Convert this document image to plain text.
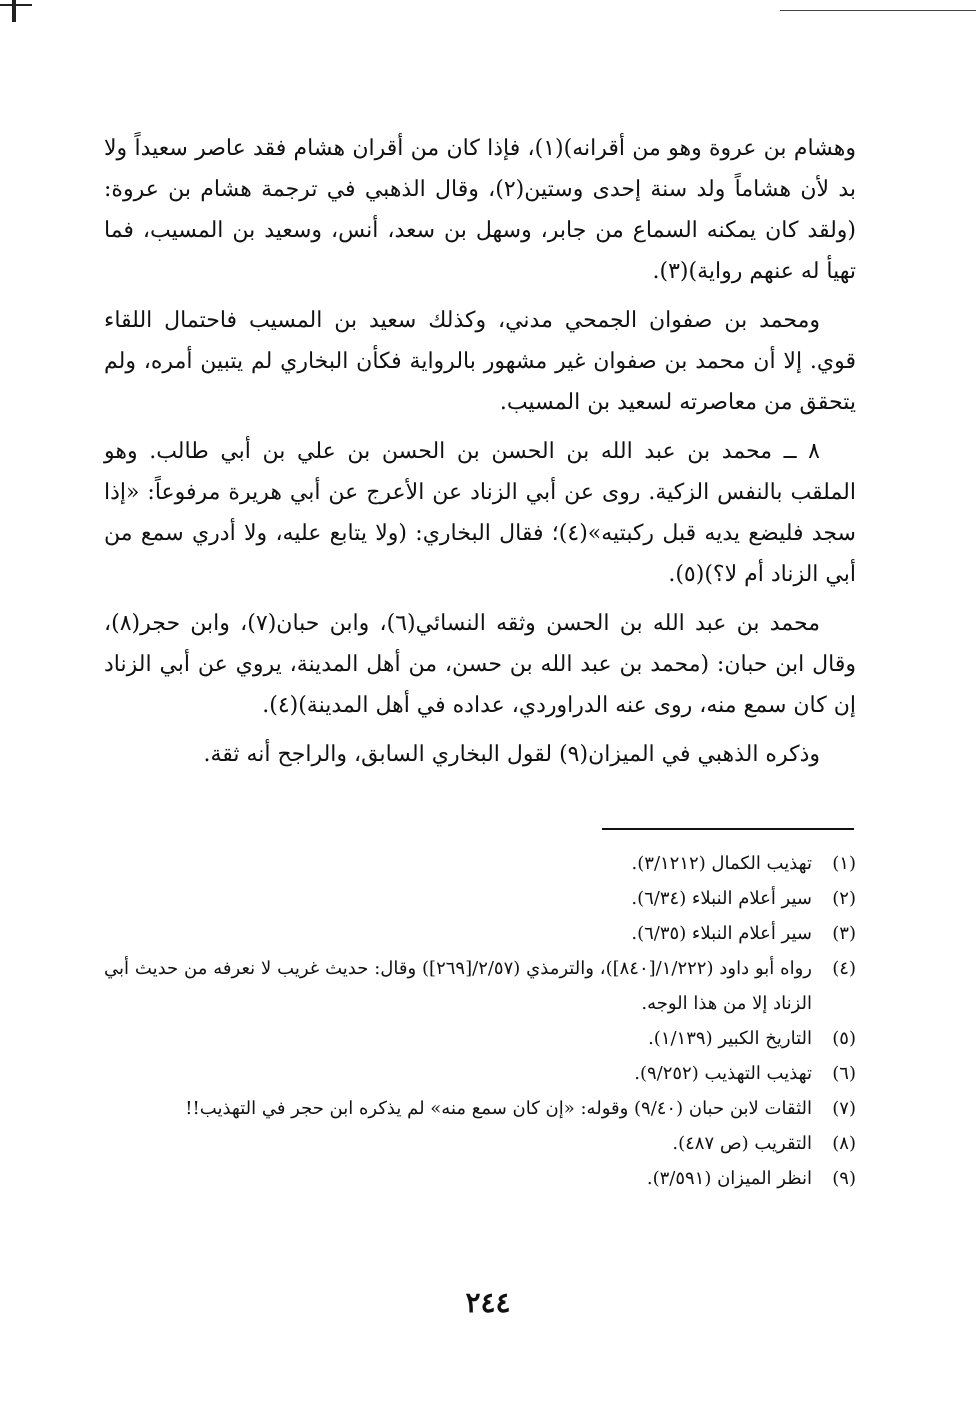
وهشام بن عروة وهو من أقرانه)(١)، فإذا كان من أقران هشام فقد عاصر سعيداً ولا بد لأن هشاماً ولد سنة إحدى وستين(٢)، وقال الذهبي في ترجمة هشام بن عروة: (ولقد كان يمكنه السماع من جابر، وسهل بن سعد، أنس، وسعيد بن المسيب، فما تهيأ له عنهم رواية)(٣).

ومحمد بن صفوان الجمحي مدني، وكذلك سعيد بن المسيب فاحتمال اللقاء قوي. إلا أن محمد بن صفوان غير مشهور بالرواية فكأن البخاري لم يتبين أمره، ولم يتحقق من معاصرته لسعيد بن المسيب.

٨ ــ محمد بن عبد الله بن الحسن بن الحسن بن علي بن أبي طالب. وهو الملقب بالنفس الزكية. روى عن أبي الزناد عن الأعرج عن أبي هريرة مرفوعاً: «إذا سجد فليضع يديه قبل ركبتيه»(٤)؛ فقال البخاري: (ولا يتابع عليه، ولا أدري سمع من أبي الزناد أم لا؟)(٥).

محمد بن عبد الله بن الحسن وثقه النسائي(٦)، وابن حبان(٧)، وابن حجر(٨)، وقال ابن حبان: (محمد بن عبد الله بن حسن، من أهل المدينة، يروي عن أبي الزناد إن كان سمع منه، روى عنه الدراوردي، عداده في أهل المدينة)(٤).

وذكره الذهبي في الميزان(٩) لقول البخاري السابق، والراجح أنه ثقة.

(١)
تهذيب الكمال (٣/١٢١٢).
(٢)
سير أعلام النبلاء (٦/٣٤).
(٣)
سير أعلام النبلاء (٦/٣٥).
(٤)
رواه أبو داود (١/٢٢٢/[٨٤٠])، والترمذي (٢/٥٧/[٢٦٩]) وقال: حديث غريب لا نعرفه من حديث أبي الزناد إلا من هذا الوجه.
(٥)
التاريخ الكبير (١/١٣٩).
(٦)
تهذيب التهذيب (٩/٢٥٢).
(٧)
الثقات لابن حبان (٩/٤٠) وقوله: «إن كان سمع منه» لم يذكره ابن حجر في التهذيب!!
(٨)
التقريب (ص ٤٨٧).
(٩)
انظر الميزان (٣/٥٩١).
٢٤٤
